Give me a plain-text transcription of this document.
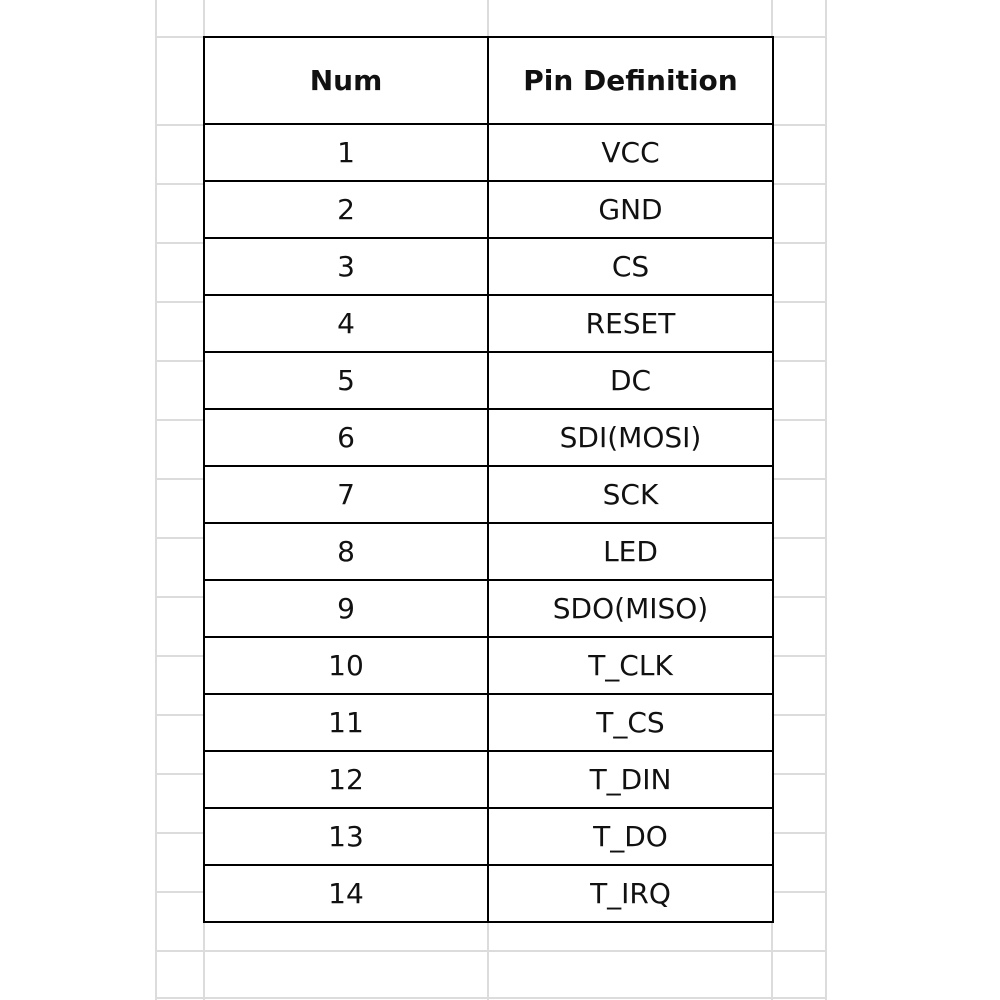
Num	Pin Definition
1	VCC
2	GND
3	CS
4	RESET
5	DC
6	SDI(MOSI)
7	SCK
8	LED
9	SDO(MISO)
10	T_CLK
11	T_CS
12	T_DIN
13	T_DO
14	T_IRQ
